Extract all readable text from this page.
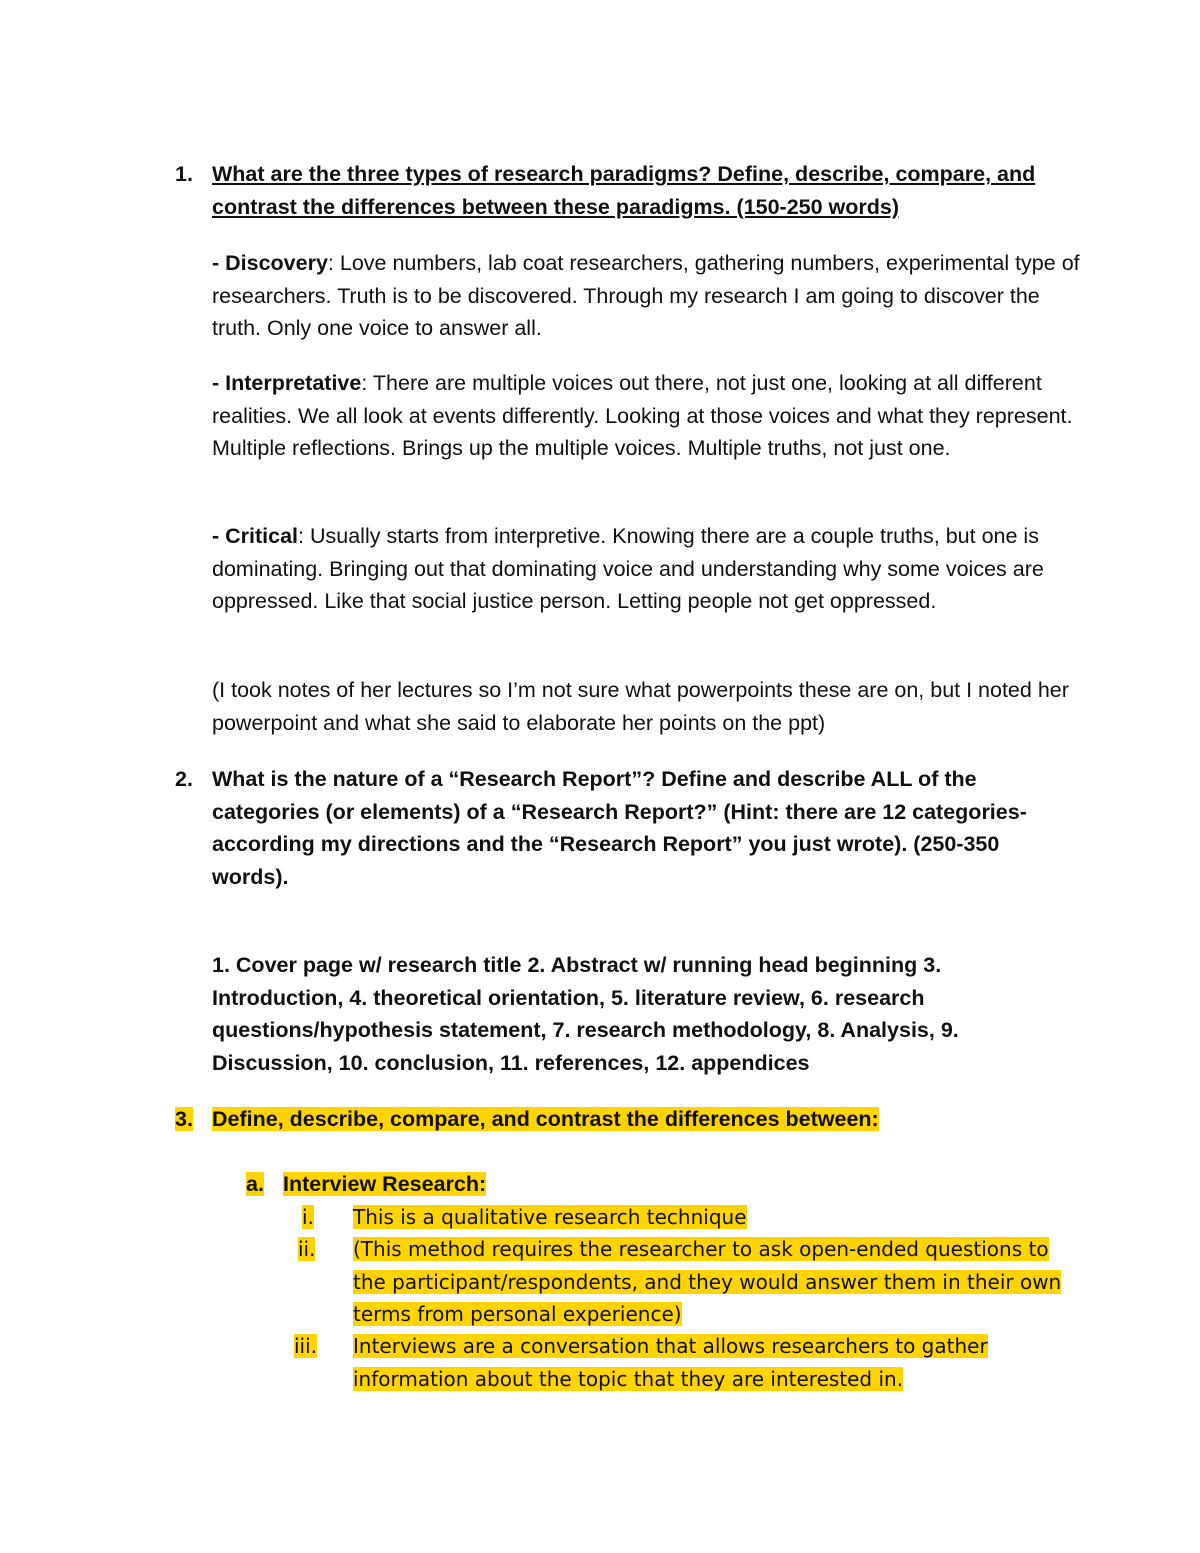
1. What are the three types of research paradigms? Define, describe, compare, and contrast the differences between these paradigms. (150-250 words)
- Discovery: Love numbers, lab coat researchers, gathering numbers, experimental type of researchers. Truth is to be discovered. Through my research I am going to discover the truth. Only one voice to answer all.
- Interpretative: There are multiple voices out there, not just one, looking at all different realities. We all look at events differently. Looking at those voices and what they represent. Multiple reflections. Brings up the multiple voices. Multiple truths, not just one.
- Critical: Usually starts from interpretive. Knowing there are a couple truths, but one is dominating. Bringing out that dominating voice and understanding why some voices are oppressed. Like that social justice person. Letting people not get oppressed.
(I took notes of her lectures so I’m not sure what powerpoints these are on, but I noted her powerpoint and what she said to elaborate her points on the ppt)
2. What is the nature of a “Research Report”? Define and describe ALL of the categories (or elements) of a “Research Report?” (Hint: there are 12 categories-according my directions and the “Research Report” you just wrote). (250-350 words).
1. Cover page w/ research title 2. Abstract w/ running head beginning 3. Introduction, 4. theoretical orientation, 5. literature review, 6. research questions/hypothesis statement, 7. research methodology, 8. Analysis, 9. Discussion, 10. conclusion, 11. references, 12. appendices
3. Define, describe, compare, and contrast the differences between:
a. Interview Research:
i. This is a qualitative research technique
ii. (This method requires the researcher to ask open-ended questions to the participant/respondents, and they would answer them in their own terms from personal experience)
iii. Interviews are a conversation that allows researchers to gather information about the topic that they are interested in.
